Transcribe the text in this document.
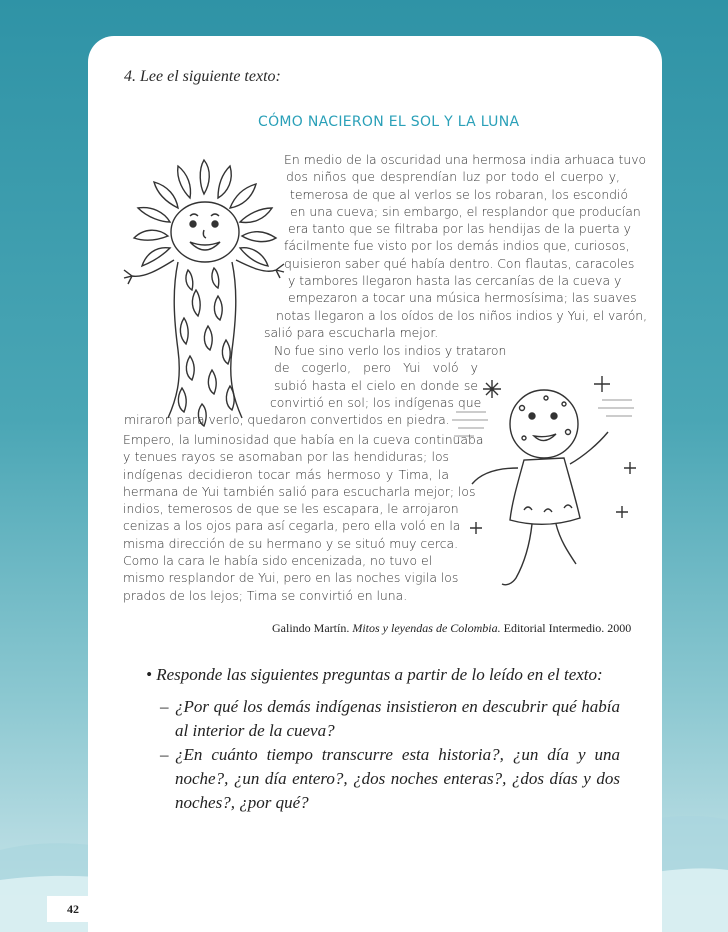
4. Lee el siguiente texto:
CÓMO NACIERON EL SOL Y LA LUNA
En medio de la oscuridad una hermosa india arhuaca tuvo
dos niños que desprendían luz por todo el cuerpo y,
temerosa de que al verlos se los robaran, los escondió
en una cueva; sin embargo, el resplandor que producían
era tanto que se filtraba por las hendijas de la puerta y
fácilmente fue visto por los demás indios que, curiosos,
quisieron saber qué había dentro. Con flautas, caracoles
y tambores llegaron hasta las cercanías de la cueva y
empezaron a tocar una música hermosísima; las suaves
notas llegaron a los oídos de los niños indios y Yui, el varón,
salió para escucharla mejor.
No fue sino verlo los indios y trataron
de cogerlo, pero Yui voló y
subió hasta el cielo en donde se
convirtió en sol; los indígenas que
miraron para verlo, quedaron convertidos en piedra.
Empero, la luminosidad que había en la cueva continuaba
y tenues rayos se asomaban por las hendiduras; los
indígenas decidieron tocar más hermoso y Tima, la
hermana de Yui también salió para escucharla mejor; los
indios, temerosos de que se les escapara, le arrojaron
cenizas a los ojos para así cegarla, pero ella voló en la
misma dirección de su hermano y se situó muy cerca.
Como la cara le había sido encenizada, no tuvo el
mismo resplandor de Yui, pero en las noches vigila los
prados de los lejos; Tima se convirtió en luna.
Galindo Martín. Mitos y leyendas de Colombia. Editorial Intermedio. 2000
• Responde las siguientes preguntas a partir de lo leído en el texto:
– ¿Por qué los demás indígenas insistieron en descubrir qué había al interior de la cueva?
– ¿En cuánto tiempo transcurre esta historia?, ¿un día y una noche?, ¿un día entero?, ¿dos noches enteras?, ¿dos días y dos noches?, ¿por qué?
42
